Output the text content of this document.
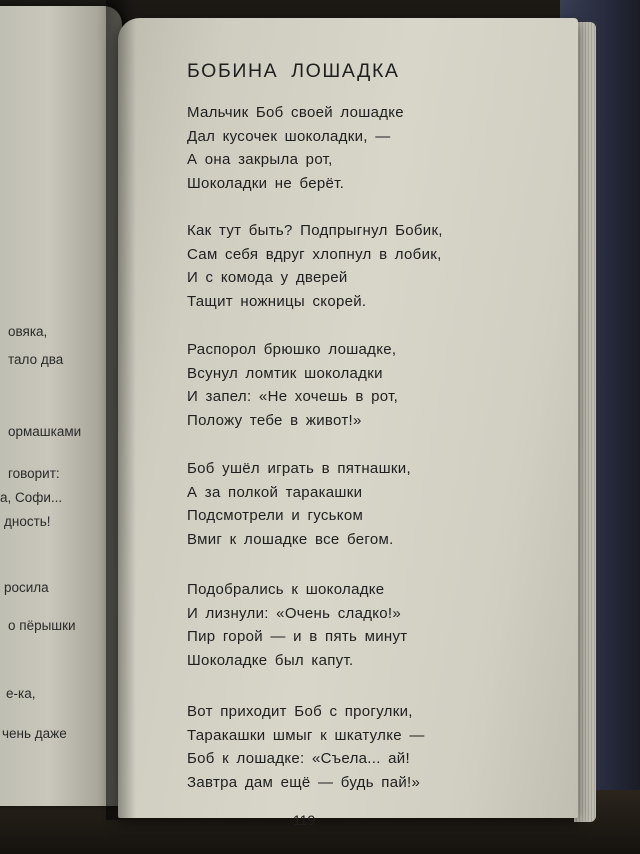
овяка,
тало два
ормашками
говорит:
а, Софи...
дность!
росила
о пёрышки
е-ка,
чень даже
БОБИНА ЛОШАДКА
Мальчик Боб своей лошадке
Дал кусочек шоколадки, —
А она закрыла рот,
Шоколадки не берёт.
Как тут быть? Подпрыгнул Бобик,
Сам себя вдруг хлопнул в лобик,
И с комода у дверей
Тащит ножницы скорей.
Распорол брюшко лошадке,
Всунул ломтик шоколадки
И запел: «Не хочешь в рот,
Положу тебе в живот!»
Боб ушёл играть в пятнашки,
А за полкой таракашки
Подсмотрели и гуськом
Вмиг к лошадке все бегом.
Подобрались к шоколадке
И лизнули: «Очень сладко!»
Пир горой — и в пять минут
Шоколадке был капут.
Вот приходит Боб с прогулки,
Таракашки шмыг к шкатулке —
Боб к лошадке: «Съела... ай!
Завтра дам ещё — будь пай!»
119
